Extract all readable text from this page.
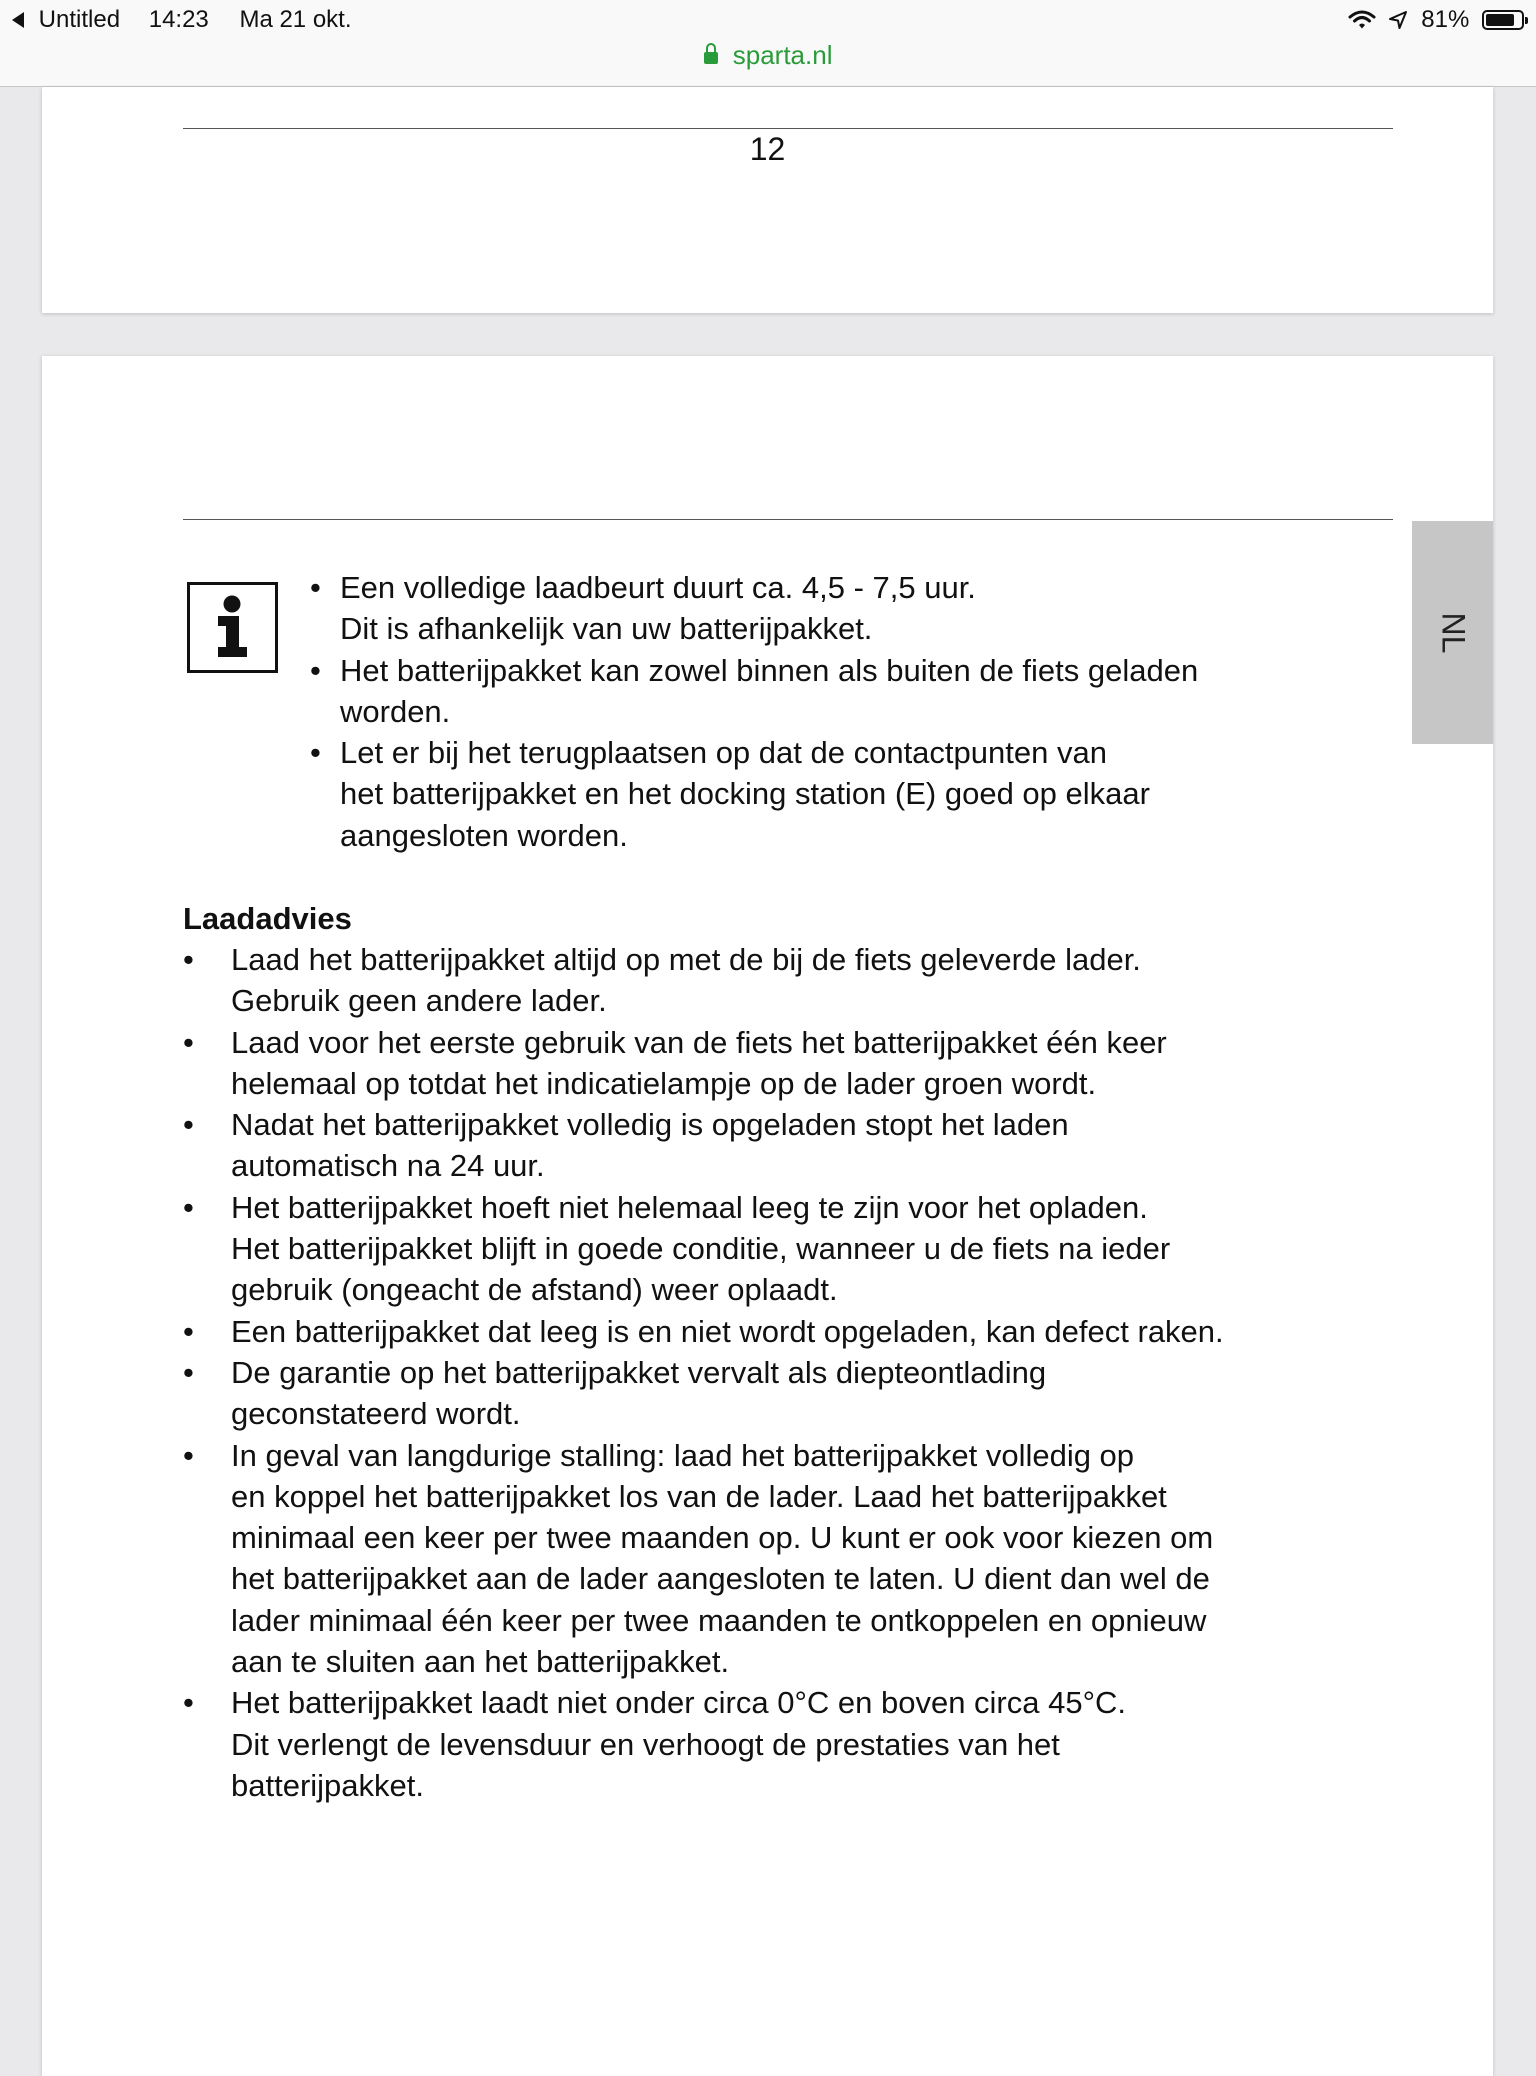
Untitled 14:23 Ma 21 okt.	81%
sparta.nl
12
NL
• Een volledige laadbeurt duurt ca. 4,5 - 7,5 uur.
Dit is afhankelijk van uw batterijpakket.
• Het batterijpakket kan zowel binnen als buiten de fiets geladen
worden.
• Let er bij het terugplaatsen op dat de contactpunten van
het batterijpakket en het docking station (E) goed op elkaar
aangesloten worden.
Laadadvies
• Laad het batterijpakket altijd op met de bij de fiets geleverde lader.
Gebruik geen andere lader.
• Laad voor het eerste gebruik van de fiets het batterijpakket één keer
helemaal op totdat het indicatielampje op de lader groen wordt.
• Nadat het batterijpakket volledig is opgeladen stopt het laden
automatisch na 24 uur.
• Het batterijpakket hoeft niet helemaal leeg te zijn voor het opladen.
Het batterijpakket blijft in goede conditie, wanneer u de fiets na ieder
gebruik (ongeacht de afstand) weer oplaadt.
• Een batterijpakket dat leeg is en niet wordt opgeladen, kan defect raken.
• De garantie op het batterijpakket vervalt als diepteontlading
geconstateerd wordt.
• In geval van langdurige stalling: laad het batterijpakket volledig op
en koppel het batterijpakket los van de lader. Laad het batterijpakket
minimaal een keer per twee maanden op. U kunt er ook voor kiezen om
het batterijpakket aan de lader aangesloten te laten. U dient dan wel de
lader minimaal één keer per twee maanden te ontkoppelen en opnieuw
aan te sluiten aan het batterijpakket.
• Het batterijpakket laadt niet onder circa 0°C en boven circa 45°C.
Dit verlengt de levensduur en verhoogt de prestaties van het
batterijpakket.
